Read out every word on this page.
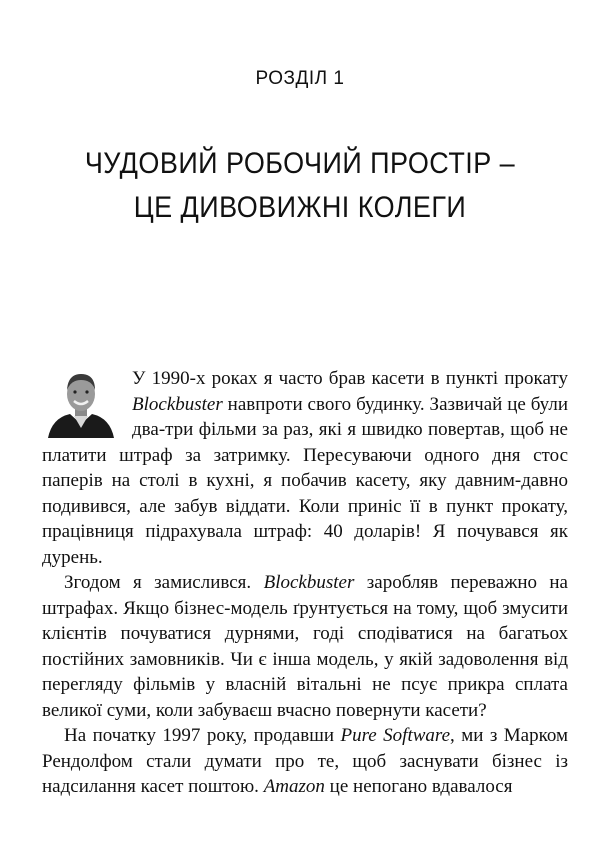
РОЗДІЛ 1
ЧУДОВИЙ РОБОЧИЙ ПРОСТІР –
ЦЕ ДИВОВИЖНІ КОЛЕГИ

У 1990-х роках я часто брав касети в пункті прокату Blockbuster навпроти свого будинку. Зазвичай це були два-три фільми за раз, які я швидко повертав, щоб не платити штраф за затримку. Пересуваючи одного дня стос паперів на столі в кухні, я побачив касету, яку давним-давно подивився, але забув віддати. Коли приніс її в пункт прокату, працівниця підрахувала штраф: 40 доларів! Я почувався як дурень.

Згодом я замислився. Blockbuster заробляв переважно на штрафах. Якщо бізнес-модель ґрунтується на тому, щоб змусити клієнтів почуватися дурнями, годі сподіватися на багатьох постійних замовників. Чи є інша модель, у якій задоволення від перегляду фільмів у власній вітальні не псує прикра сплата великої суми, коли забуваєш вчасно повернути касети?

На початку 1997 року, продавши Pure Software, ми з Марком Рендолфом стали думати про те, щоб заснувати бізнес із надсилання касет поштою. Amazon це непогано вдавалося
